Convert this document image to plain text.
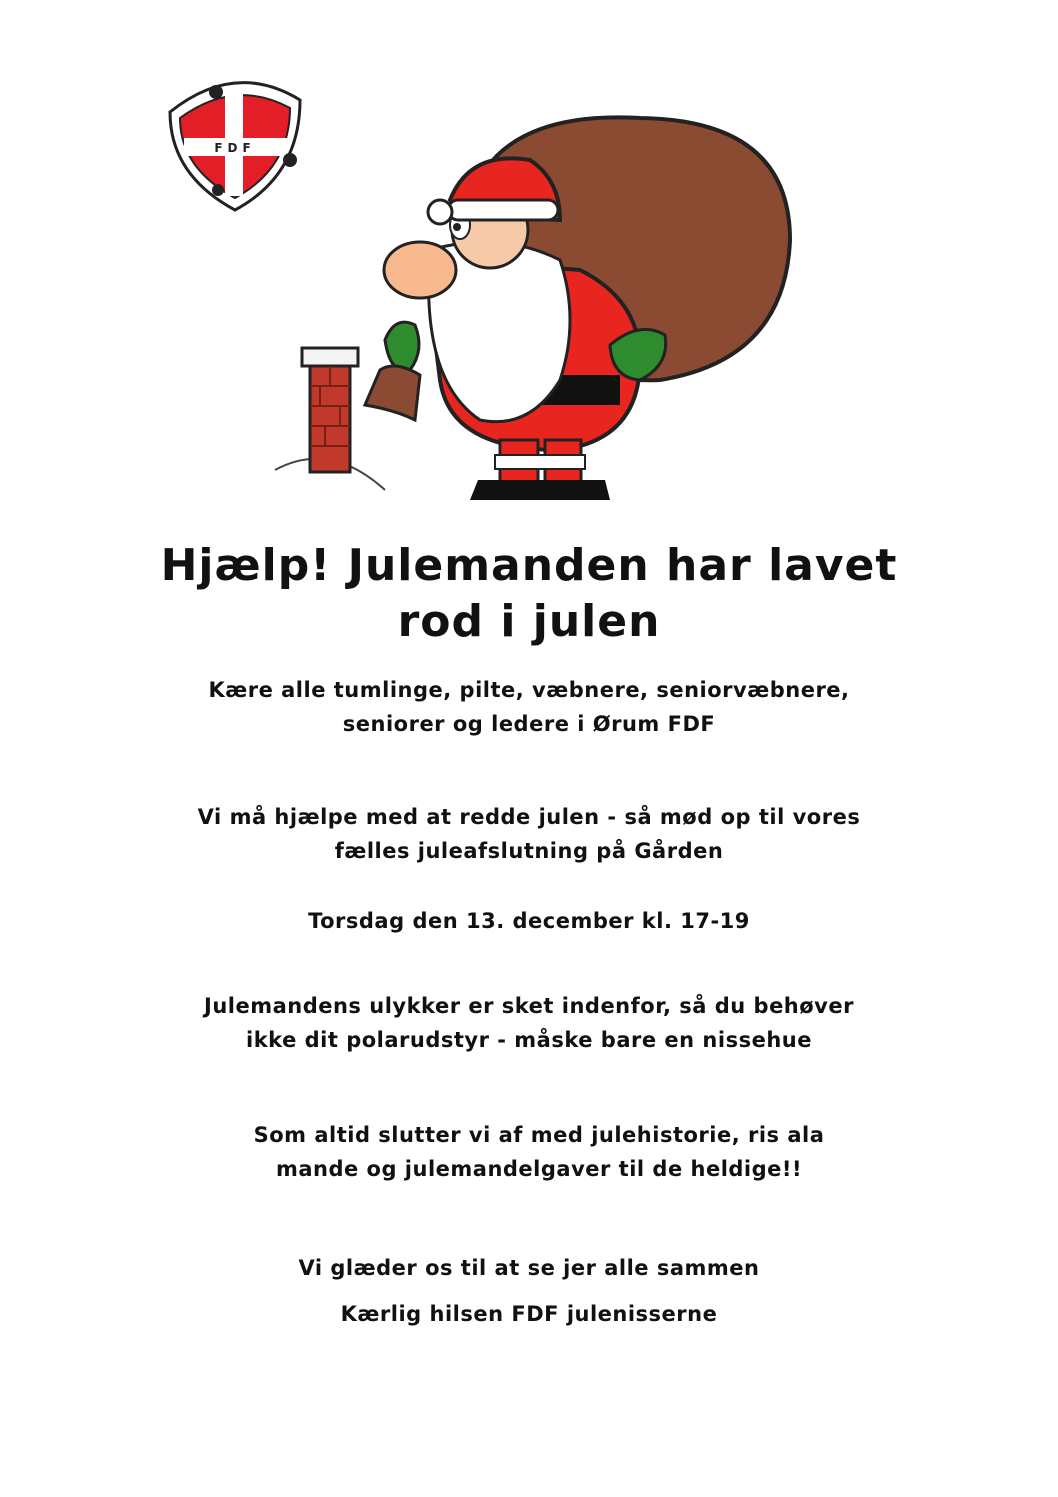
FDF
Hjælp! Julemanden har lavet
rod i julen
Kære alle tumlinge, pilte, væbnere, seniorvæbnere,
seniorer og ledere i Ørum FDF
Vi må hjælpe med at redde julen - så mød op til vores
fælles juleafslutning på Gården
Torsdag den 13. december kl. 17-19
Julemandens ulykker er sket indenfor, så du behøver
ikke dit polarudstyr - måske bare en nissehue
Som altid slutter vi af med julehistorie, ris ala
mande og julemandelgaver til de heldige!!
Vi glæder os til at se jer alle sammen
Kærlig hilsen FDF julenisserne
